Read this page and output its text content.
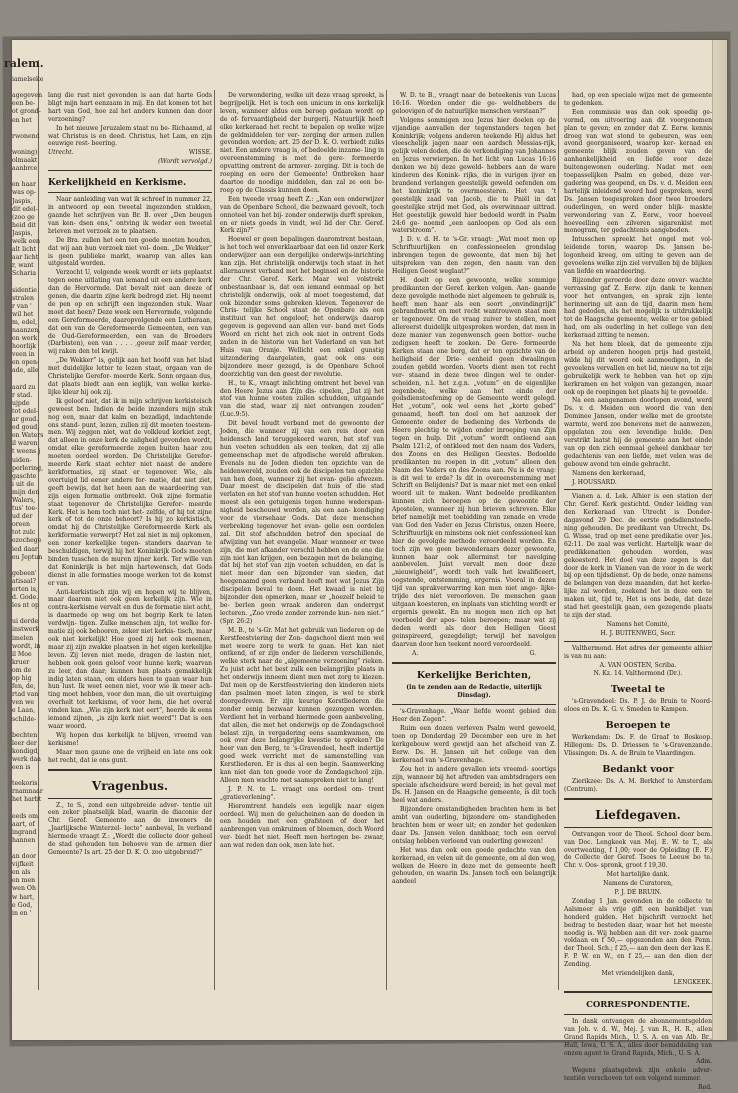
ralem.
iamelseke

agegeven
een be-
ot grond-
en het

rwonend

woning)
olmaakt
aanbrce

en haar
was op-
Jaspis,
dit edel-
(zoo ge
heid dit
Jaspis,
welk een
alt licht
aar licht
r, want
Scharia

sidentie
stralen
r van '
wil het
m, edel,
naanzen,
en werk
hoorlijk
veen in
en open-
ade, alle

aard zu
r stad.
ujpde
tot edel-
ar goud.
ed goud,
en Waters
il waren
t weens j
uiden-
perlering,
gaschte
i uit de
mijn den
Walers,
tus' toe-
ud der
oreen
tot zulc
ezochege
ied daar
eu Jeptun

gebeen'
atisaal?
erten is,
d. Gode.
les nt op

ui derde
instwerk
imelen
wordt, in
il Moe
kruer
om de
op hig
fen, de,
rtad van
ven we
e Laan,
schilde-

bechten
leer der
kondigd,
werk daa
een is

teekoris.
rnamnaar
het harbt

eeds om
aart, of
ingrand
hannen

an door
vijfkeit
en als
en men
wen Oh
w hart,
e God,
in en '

lang die rust niet gevonden is aan dat harte Gods bligt mijn hart eenzaam in mij. En dat komen tot het hart van God, hoe zal het anders kunnen dan door verzoening?

In het nieuwe Jeruzalem staat nu be- Richaamd, al wat Christus is en deed. Christus, het Lam, en zijn eeuwige rest- beering.

Utrecht.	WISSE.
(Wordt vervolgd.)
Kerkelijkheid en Kerkisme.

Naar aanleiding van wat ik schreef in nummer 22, in antwoord op een tweetal ingezonden stukken, gaande het schrijven van Br. B. over „Den beugen van ken- dsen ens,” ontving ik weder een tweetal brieven met verzoek ze te plaatsen.

De Bra. zullen het een ten goede moeten houden, dat wij aan hun verzoek niet vol- doen. „De Wekker” is geen publieke markt, waarop van alles kan uitgestald worden.

Verzocht U, volgende week wordt er iets geplaatst tegen eene uitlating van iemand uit een andere kerk dan de Hervormde. Dat bevalt niet aan deeze of genen, die daarin zijne kerk bedrogd ziet. Hij neemt de pen op en schrijft een ingezonden stuk. Waar moet dat heen? Deze week een Hervormde, volgende een Gereformeerde, daaropvolgende een Lutheraan, dat een van de Gereformeerde Gemeenten, een van de Oud-Gereformeerden, een van de Broeders (Darbisten), een van . . . . ,geeur zelf maar verder, wij raken den tel kwijt.

„De Wekker” is, gelijk aan het hoofd van het blad met duidelijke letter te lezen staat, orgaan van de Christelijke Gerefor- meerde Kerk. Sonn orgaan dus, dat plaats biedt aan een ieglijk, van welke kerke- lijke kleur hij ook zij.

Ik geloof niet, dat ik in mijn schrijven kerkisteisch geweest ben. Indien de beide inzenders mijn stuk nog een, maar dat kalm en bezadigd, indachtende ons stand- punt, lezen, zullen zij dit moeten toestem- men. Wij zeggen niet, wat de volkleud korkiet zegt, dat alleen in onze kerk de zaligheid gevonden wordt, omdat elke gereformeerde zegen buiten haar zou moeten oordeel worden. De Christelijke Gerefor- meerde Kerk staat echter niet naast de andere kerkformaties, zij staat er tegenover. Wie, als overtuigd lid eener andere for- matie, dat niet ziet, geeft bewijs, dat het heen aan de waardeering van zijn eigen formatie ontbreekt. Ook zijne formatie staat tegenover de Christelijke Gerefor- meerde Kerk. Het is hem toch niet het- zelfde, of hij tot zijne kerk of tot de onze behoort? Is hij zo kerkistisch, omdat hij de Christelijke Gereformeerde Kerk als kerkformatie verwerpt? Het zal niet in mij opkomen, een zoner kerkelijke tegen- standers daarvan te beschuldigen, terwijl hij het Koninkrijk Gods moeten binden tusschen de muren zijner kerk. Ter wille van dat Koninkrijk is het mijn hartewensch, dat Gods dienst in alle formaties mooge werken tot de komst er van.

Anti-kerkistisch zijn wij en hopen wij te blijven, maar daarom niet ook geen kerkelijk zijn. Wie in contra-kerkisme vervalt en dus de formatie niet acht, is daarmede op weg om het begrip Kerk te laten verdwijn- tigen. Zulke menschen zijn, tot welke for- matie zij ook behooren, zeker niet kerkis- tisch, maar ook niet kerkelijk! Hoe goed zij het ook meenen, maar zij zijn zwakke plaatsen in het eigen kerkelijke leven. Zij leven niet mede, dragen de lasten niet, hebben ook geen geloof voor hunne kerk; waarvan zu leer, dan daar; kunnen hun plaats gemakkelijk indig laten staan, om elders heen te gaan waar hun hun lust. Ik weet eenen niet, voor wie ik meer ach- ting moet hebben, voor den man, die uit overtuiging overhelt tot kerkisme, of voor hem, die het overal vinden kan. „Wie zijn kerk niet eert”, heerde ik eens iemand zijnen, „is zijn kerk niet weerd”! Dat is een waar woord.

Wij hopen dus kerkelijk te blijven, vreemd van kerkisme!

Maar mon gaune one de vrijheid en late ons ook het recht, dat ie ons gunt.

Vragenbus.

Z., te S., zond een uitgebreide adver- tentie uit een zeker plaatselijk blad, waarin de diaconie der Chr. Geref. Gemeente aan de inwoners de „Jaarlijksche Winterzel- lecte” aanbeval, In verband hiermede vraagt Z.: „Wordt die collecte door geheel de stad gehouden ten behoeve van de armen dier Gemeente? Is art. 25 der D. K. O. zoo uitgebreid?”

De verwondering, welke uit deze vraag spreekt, is begrijpelijk. Het is toch een unicum in ons kerkelijk leven, wanneer aldus een beroep gedaan wordt op de of- fervaardigheid der burgerij. Natuurlijk heeft elke kerkeraad het recht te bepalen op welke wijze de geldmiddelen ter ver- zorging der armen zullen gevonden worden; art. 25 der D. K. O. verbiedt zulks niet. Een andere vraag is, of bedoelde inzame- ling in overeenstemming is met de gere- formeerde opvatting omtrent de armver- zorging. Dit is toch de roeping en eere der Gemeente! Ontbreken haar daartoe de noodige middelen, dan zal ze een be- roep op de Classis kunnen doen.

Een tweede vraag heeft Z.: „Kan een onderwijzer van de Openbare School, die bezwaard gevoelt, toch onnoteel van het bij- zonder onderwijs durft spreken, en er niets goeds in vindt, wel lid der Chr. Geref. Kerk zijn?”

Hoewel er geen bepalingen daaromtrent bestaan, is het toch wel onverklaarbaar dat een lid onzer Kerk onderwijzer aan een dergelijke onderwijs-inrichting kan zijn. Het christelijk onderwijs toch staat in het allernauwst verband met het beginsel en de historie der Chr. Geref. Kerk. Maar wel volstrekt onbestaanbaar is, dat een iemand eenmaal op het christelijk onderwijs, ook al moet toegestemd, dat ook bizonder soms gebreken kleven. Tegenover de Chris- telijke School staat de Openbare als een instituut van het ongeloof; het onderwijs daarop gegeven is gegevend aan allen ver- band met Gods Woord en richt het zich ook niet in ontrent Gods zaden in de historie van het Vaderland en van het Huis van Oranje. Wellicht een enkel gunstig uitzondering daargelaten, gaat ook ons een bijzondere meer gezegd, is de Openbare School doorzichtig van den geest der revolutie.

H., te K., vraagt inlichting omtrent het bevel van den Heere Jezus aan Zijn dis- cipelen, „Dat zij het stof van hunne voeten zullen schudden, uitgaande van die stad, waar zij niet ontvangen zouden” (Luc.9:5).

Dit bevel houdt verband met de gewoonte der Joden, die wanneer zij van een reis door een heidensch land teruggekeerd waren, het stof van hun voeten schudden als een teeken, dat zij alle gemeenschap met de afgodische wereld afbraken. Evenals nu de Joden dieden ten opzichte van de heidenwereld, zouden ook de discipelen ten opzichte van hen doen, wanneer zij het evan- gelie afwezen. Daar moest de discipelen dat huis of die stad verlaten en het stof van hunne voeten schudden. Het moest als een getuigenis tegen hunne wederspan- nigheid beschouwd worden, als een aan- kondiging voor de viersehaar Gods. Dat deze menschen verbreking tegenover het evan- gelie een oordelen zal. Dit stof afschudden betrof den speciaal de afwijzing van het evangelie. Maar wanneer er twee zijn, die met afkander verschil hebben en de ene die zijn niet kan krijgen, een bezagen met de belanging, dat bij het stof van zijn voeten schudden, en dat is niet meer dan een bijzonder van sieden, dat hoegenaamd geen verband heeft met wat Jezus Zijn discipelen beval te doen. Het kwaad is niet bij bijzonder den opmerken, maar er „hoezelf beleid te be- berlen geen wraak anderen dan onderrgst lecteren. „Zoo vrede zonder zorrende kun- nen niet.” (Spr. 26:2)

M. B., te 's-Gr. Mat het gebruik van liederen op de Kerstfeestviering der Zon- dagschool dient men wel met weere zorg te werk te gaan. Het kan niet ontkend, of er zijn onder de liederen verschillende, welke sterk naar de „algemeene verzoening” rieken. Zu juist acht het best zulk een belangrijke plaats in het onderwijs inneem dient men met zorg te kiezen. Dat men op de Kerstfeestviering den kinderen niets dan psalmen moet laten zingen, is wel te sterk doorgedreven. Er zijn keurige Kerstliederen die zonder eenig bezwaar kunnen gezongen worden. Verdient het in verband hiermede geen aanbeveling, dat allen, die met het onderwijs op de Zondagschool belast zijn, in vergadering eens saamkwamen, om ook over deze belangrijke kwestie te spreken? De heer van den Berg, te 's-Gravendeel, heeft indertijd goed werk verricht met de samenstelling van Kerstliederen. Er is dus al een begin. Saamwerking kan niet dan ten goede voor de Zondagschool zijn. Alleen men wachte met saamspreken niet te lang!

J. P. N. te L. vraagt ons oordeel om- trent „gratieverlening”.

Hieromtrent handels een iegelijk naar eigen oordeel. Wij men de gelucheinen aan de doeden in een houden met een grafsteen of door het aanbrengen van omkruimen of bloemen, doch Woord ver- biedt het niet. Heeft men hertogen be- zwaar, aan wat reden dan ook, men late het.

W. D. te B., vraagt naar de beteekenis van Lucas 16:16. Worden onder die ge- weldhebbers de geloovigen of de natuurlijke menschen verstaan?”

Volgens sommigen zou Jezus hier doelen op de vijandige aanvallen der tegenstanders tegen het Koninkrijk; volgens anderen teekende Hij aldus het vleeschelijk jagen naar een aardsch Messias-rijk, gelijk velen doden, die de verkondiging van Johannes en Jezus verwierpen. In het licht van Lucas 16:16 denken we bij deze geweld- hebbers aan de ware kinderen des Konink- rijks, die in vurigen ijver en brandend verlangen geestelijk geweld oefenden om het koninkrijk te overmeesteren. Het van 't geestelijk zaad van Jacob, die te Pniël in dat geestelijke strijd met God, als overwinnaar uittrad. Het geestelijk geweld hier bedoeld wordt in Psalm 24:6 ge- noemd „een aanloopen op God als een waterstroom”.

J. D. v. d. H. te 's-Gr. vraagt: „Wat moet men op Schriftuurlijken en confessioneelen grondslag inbrengen tegen de gewoonte, dat men bij het uitspreken van den zegen, den naam van den Heiligen Geest weglaat?”

H. doelt op een gewoonte, welke sommige predikanten der Geref. kerken volgen. Aan- gaande deze gevolgde methode niet algemeen te gebruik is, heeft men haar als een soort „onvindingrijk” gebrandmerkt en met recht wantrouwen staat men er tegenover. Om de vraag zuiver te stellen, moet allereerst duidelijk uitgesproken worden, dat men in deze manier van zegenwensch geen bottor- ouche zedigsen heeft te zoeken. De Gere- formeerde Kerken staan one borg, dat er ten opzichte van de heiligheid der Drie- eenheid geen dwaalingen zouden gebild worden. Voorts dient men tot recht ver- staand in deze twee dingen wel te onder- scheiden, n.l. het z.g.n. „votum” en de eigenlijke zegenbede, welke aan het einde der godsdienstoefening op de Gemeente wordt gelegd. Het „votum”, ook wel eens het „korte gebed” genaamd, heeft ten doel om het aanzoek der Gemeente onder de bediening des Verbonds de Heere plechtig te wijden onder inroeping van Zijn tegen en hulp. Dit „votum” wordt ontleend aan Psalm 121:2, of ontkleed met den naam des Vaders, des Zoons en des Heiligen Geestes. Bedoelde predikanten nu roepen in dit „votum” alleen den Naam des Vaders en des Zoons aan. Nu is de vraag: is dit wel te erde? Is dit in overeenstemming met Schrift en Belijdenis? Dat is maar niet met een enkel woord uit te maken. Want bedoelde predikanten kunnen zich beroepen op de gewoonte der Apostelen, wanneer zij hun brieven schreven. Elke brief namelijk met toebidding van zenade en vrede van God den Vader en Jezus Christus, onzen Heere, Schriftuurlijk en minstens ook niet confessioneel kan hier de gevolgde methode veroordeeld worden. En toch zijn we geen bewonderaars dezer gewoonte, kunnen haar ook allerminst ter navolging aanbevelen. Juist vervalt men door deze „nieuwigheid”, wordt toch valk het kwalificeert, oogstende, ontstemming, ergernis. Vooral in dezen tijd van sprakverwarring kan men niet ango- lijke-trijde des niet veroorloven. De menschen gaan uitgaan koesteren, en inplaats van stichting wordt er ergernis gewekt. En nu mogen men zich op het voorbeeld der apos- telen beroepen; maar wat zij deden wordt als door den Heiligen Geest geinspireerd, gezegdeligt; terwijl het navolgen daarvan door hen teekent noord veroordeeld.

A.	G.
Kerkelijke Berichten,
(in te zenden aan de Redactie, uiterlijk Dinsdag).

's-Gravenhage. „Waar liefde woont gebied den Heer den Zegen”.

Ruim een dozen verleven Psalm werd gewoeld, toen op Donderdag 29 December een ure in het kerkgebouw werd gewijd aan het afscheid van Z. Eerw. Ds. H. Jansen uit het college van den kerkeraad van 's-Gravenhage.

Zou het in andere gevallen iets vreemd- soortigs zijn, wanneer bij het aftreden van ambtsdragers een speciale afscheidsure werd bereid; in het geval met Ds. H. Jansen en de Haagsche gemeente, is dit toch heel wat anders.

Bijzondere omstandigheden brachten hem in het ambt van ouderling, bijzondere om- standigheden brachten hem er weer uit; en zonder het gedenken daar Ds. Jansen velen dankbaar, toch een eervol ontslag hebben verleend van ouderling gewezen!

Het was dan ook een goede gedachte van den kerkeraad, en velen uit de gemeente, om al den weg, welken de Heere in deze met de gemeente heeft gehouden, en waarin Ds. Jansen toch een belangrijk aandeel

had, op een speciale wijze met de gemeente te gedenken.

Een commissie was dan ook spoedig ge- vormd, om uitvoering aan dit voorgenomen plan te geven; en zonder dat Z. Eerw. kennis droeg van wat stond te gebeuren, was een avond georganiseerd, waarop ker- keraad en gemeente blijk zouden geven van de aanhankelijkheid en liefde voor deze buitengewonen ouderling. Nadat met een toepasselijken Psalm en gebed, deze ver- gadering was geopend, en Ds. v. d. Meiden een hartelijk inleidend woord had gesproken, werd Ds. Jansen toegesproken door twee broeders ouderlingen, en werd onder blijk- maskte verwondering van Z. Eerw., voor hoeveel hoeveelling een zilveren sigarenkist met monogram, ter gedachtenis aangeboden.

Intusschen spreekt het ongel met vol- leidende toren, waarop Ds. Jansen be- logonheid kreeg, om uiting te geven aan de gevoelens welke zijn ziel vervullen bij de blijken van liefde en waardeering.

Bijzonder geroerde door deze onver- wachte verrassing gaf Z. Eerw. zijn dank te kennen voor het ontvangen, en sprak zijn lente herinnering uit aan de tijd, daarin men hem had gedoden, als het mogelijk is uitdrukkelijk tot de Haagsche gemeente, welke er toe gebied had, om als ouderling in het college van den kerkeraad zitting te nemen.

Na het hem bleek, dat de gemeente zijn arbeid op anderen hoogen prijs had gesteld, wilde hij dit woord ook aanmoedigen, in de gevoelens vervallen en het lid, nieuw na tot zijn gebruikelijk werk te hebben van het op zijn kerkramen en het volgen van gezangen, maar ook op de roepingen het plaats hij te gevoelde.

Na een aangenamen doorlopen avond, werd Ds. v. d. Meiden een woord die van den Dominee Jansen, onder welke met de grootste warmte, werd zoo benevens met de aanwezen, opgelaten zou een levendige hulde. Den verstrikt laatst hij de gemeente aan het einde van op den zich eenmaal geheel dankbaar ter gedachtenis van een liefde, met velen was de gebouw avond ten einde gebracht.

Namens den kerkeraad,

J. HOUSSARD.

Vianen a. d. Lek. Alhier is een station der Chr. Geref. Kerk gestichtd. Onder leiding van den Kerkeraad van Utrecht is Donder- dagavond 29 Dec. de eerste godsdienstoefe- ning gehouden. De predikant van Utrecht, Ds. G. Wisse, trad op met eene predikatie over Jes. 62:11. De zaal was verlicht. Hartelijk waar de predikkenatien gehouden worden, was gekoesterd. Het doel van deze zegen is dat door de kerk in Vianen van de voor in de werk bij op een tijdsdienst. Op de bede, onze namens de belangen van deze maanden, dat het kerke- lijke zal worden, zoekend het in deze een te maken uit, tijd te, Het is ons bede, dat deze stad het geestelijk gaan, een gezegende plaats te zijn der stad.

Namens het Comité,

H. J. BUITENWEG, Secr.

Valthermond. Het adres der gemeente alhier is van nu aan:

A. VAN OOSTEN, Scriba.

N. Kz. 14. Valthermond (Dr.).

Tweetal te

's-Gravendeel: Ds. P. J. de Bruin te Noord- eloos en Ds. K. G. v. Smeden te Kampen.

Beroepen te

Werkendam: Ds. F. de Graaf te Boskoop. Hillegom: Ds. D. Driessen te 's-Gravenzande. Vlissingen: Ds. A. de Bruin te Vlaardingen.

Bedankt voor

Zierikzee: Ds. A. M. Berkhof te Amsterdam (Centrum).

Liefdegaven.

Ontvangen voor de Theol. School door bem. van Doc. Lengkeek van Mej. E. W. te T., als overtweating, f 1,00; voor de Opleiding (E. F.) de Collecte der Geref. Tsoes te Leeuw bo te. Chr. v. Oos- spronk, groot f 19,30.

Met hartelijke dank.

Namens de Curatoren,

P. J. DE BRUIN.

Zondag 1 Jan. gevonden in de collecte te Aalsmeer als vrije gift een bankbiljet van honderd gulden. Het bijschrift verzocht het bedrag te besteden daar, waar het het meeste noodig is. Wij hebben aan dit ver- zoek gaarne voldaan en f 50,— opgezonden aan den Penn. der Theol. Sch.; f 25,— aan den deen der kas E. F. P. W. en W., en f 25,— aan den dien der Zending.

Met vriendelijken dank,

LENGKEEK.

CORRESPONDENTIE.

In dank ontvangen de abonnementsgelden van Joh. v. d. W., Mej. J. van R., H. R., allen Grand Rapids Mich., U. S. A. en van Alb. Br., Hull, Iowa, U. S. A., alles door bemiddeling van onzen agent te Grand Rapids, Mich., U. S. A.

Adm.

Wegens plaatsgebrek zijn enkele adver- tentiën verschoven tot een volgend nummer.

Red.
